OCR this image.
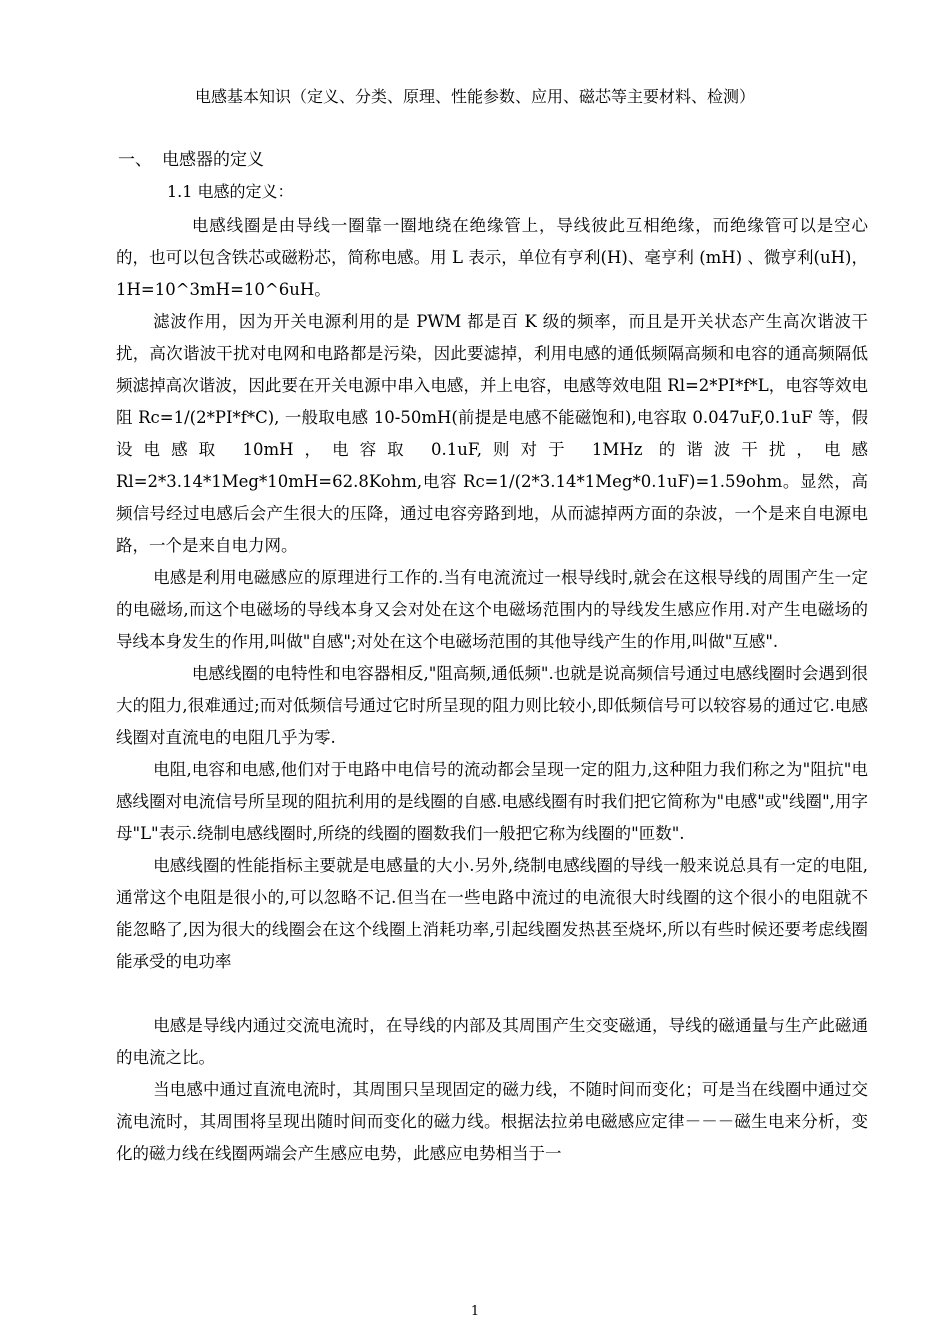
电感基本知识（定义、分类、原理、性能参数、应用、磁芯等主要材料、检测）
一、 电感器的定义
1.1 电感的定义：

电感线圈是由导线一圈靠一圈地绕在绝缘管上，导线彼此互相绝缘，而绝缘管可以是空心的，也可以包含铁芯或磁粉芯，简称电感。用 L 表示，单位有亨利(H)、毫亨利 (mH) 、微亨利(uH)，1H=10^3mH=10^6uH。

滤波作用，因为开关电源利用的是 PWM 都是百 K 级的频率，而且是开关状态产生高次谐波干扰，高次谐波干扰对电网和电路都是污染，因此要滤掉，利用电感的通低频隔高频和电容的通高频隔低频滤掉高次谐波，因此要在开关电源中串入电感，并上电容，电感等效电阻 Rl=2*PI*f*L，电容等效电阻 Rc=1/(2*PI*f*C), 一般取电感 10-50mH(前提是电感不能磁饱和),电容取 0.047uF,0.1uF 等，假设电感取 10mH，电容取 0.1uF,则对于 1MHz 的谐波干扰，电感 Rl=2*3.14*1Meg*10mH=62.8Kohm,电容 Rc=1/(2*3.14*1Meg*0.1uF)=1.59ohm。显然，高频信号经过电感后会产生很大的压降，通过电容旁路到地，从而滤掉两方面的杂波，一个是来自电源电路，一个是来自电力网。

电感是利用电磁感应的原理进行工作的.当有电流流过一根导线时,就会在这根导线的周围产生一定的电磁场,而这个电磁场的导线本身又会对处在这个电磁场范围内的导线发生感应作用.对产生电磁场的导线本身发生的作用,叫做"自感";对处在这个电磁场范围的其他导线产生的作用,叫做"互感".

电感线圈的电特性和电容器相反,"阻高频,通低频".也就是说高频信号通过电感线圈时会遇到很大的阻力,很难通过;而对低频信号通过它时所呈现的阻力则比较小,即低频信号可以较容易的通过它.电感线圈对直流电的电阻几乎为零.

电阻,电容和电感,他们对于电路中电信号的流动都会呈现一定的阻力,这种阻力我们称之为"阻抗"电感线圈对电流信号所呈现的阻抗利用的是线圈的自感.电感线圈有时我们把它简称为"电感"或"线圈",用字母"L"表示.绕制电感线圈时,所绕的线圈的圈数我们一般把它称为线圈的"匝数".

电感线圈的性能指标主要就是电感量的大小.另外,绕制电感线圈的导线一般来说总具有一定的电阻,通常这个电阻是很小的,可以忽略不记.但当在一些电路中流过的电流很大时线圈的这个很小的电阻就不能忽略了,因为很大的线圈会在这个线圈上消耗功率,引起线圈发热甚至烧坏,所以有些时候还要考虑线圈能承受的电功率

电感是导线内通过交流电流时，在导线的内部及其周围产生交变磁通，导线的磁通量与生产此磁通的电流之比。

当电感中通过直流电流时，其周围只呈现固定的磁力线，不随时间而变化；可是当在线圈中通过交流电流时，其周围将呈现出随时间而变化的磁力线。根据法拉弟电磁感应定律－－－磁生电来分析，变化的磁力线在线圈两端会产生感应电势，此感应电势相当于一

1
